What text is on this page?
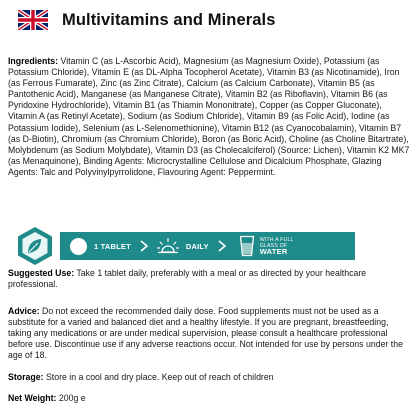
Multivitamins and Minerals

Ingredients: Vitamin C (as L-Ascorbic Acid), Magnesium (as Magnesium Oxide), Potassium (as Potassium Chloride), Vitamin E (as DL-Alpha Tocopherol Acetate), Vitamin B3 (as Nicotinamide), Iron (as Ferrous Fumarate), Zinc (as Zinc Citrate), Calcium (as Calcium Carbonate), Vitamin B5 (as Pantothenic Acid), Manganese (as Manganese Citrate), Vitamin B2 (as Riboflavin), Vitamin B6 (as Pyridoxine Hydrochloride), Vitamin B1 (as Thiamin Mononitrate), Copper (as Copper Gluconate), Vitamin A (as Retinyl Acetate), Sodium (as Sodium Chloride), Vitamin B9 (as Folic Acid), Iodine (as Potassium Iodide), Selenium (as L-Selenomethionine), Vitamin B12 (as Cyanocobalamin), Vitamin B7 (as D-Biotin), Chromium (as Chromium Chloride), Boron (as Boric Acid), Choline (as Choline Bitartrate), Molybdenum (as Sodium Molybdate), Vitamin D3 (as Cholecalciferol) (Source: Lichen), Vitamin K2 MK7 (as Menaquinone), Binding Agents: Microcrystalline Cellulose and Dicalcium Phosphate, Glazing Agents: Talc and Polyvinylpyrrolidone, Flavouring Agent: Peppermint.

1 TABLET	DAILY
WITH A FULL
GLASS OF
WATER

Suggested Use: Take 1 tablet daily, preferably with a meal or as directed by your healthcare professional.

Advice: Do not exceed the recommended daily dose. Food supplements must not be used as a substitute for a varied and balanced diet and a healthy lifestyle. If you are pregnant, breastfeeding, taking any medications or are under medical supervision, please consult a healthcare professional before use. Discontinue use if any adverse reactions occur. Not intended for use by persons under the age of 18.

Storage: Store in a cool and dry place. Keep out of reach of children

Net Weight: 200g e
